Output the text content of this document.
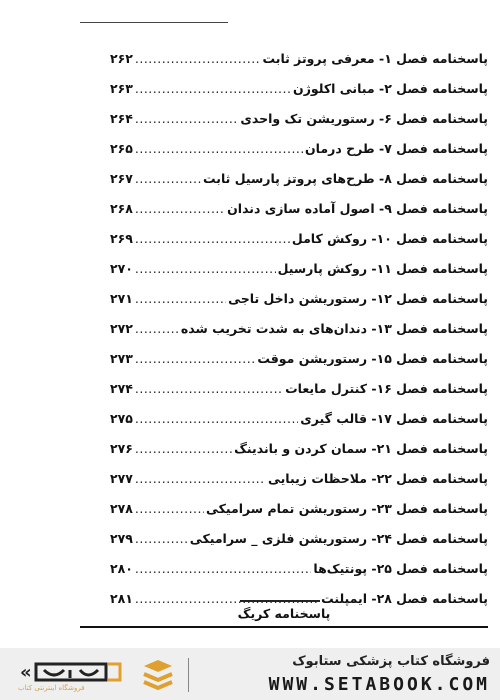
پاسخنامه فصل ۱- معرفی پروتز ثابت
.....
۲۶۲
پاسخنامه فصل ۲- مبانی اکلوژن
.....
۲۶۳
پاسخنامه فصل ۶- رستوریشن تک واحدی
.....
۲۶۴
پاسخنامه فصل ۷- طرح درمان
.....
۲۶۵
پاسخنامه فصل ۸- طرح‌های پروتز پارسیل ثابت
.....
۲۶۷
پاسخنامه فصل ۹- اصول آماده سازی دندان
.....
۲۶۸
پاسخنامه فصل ۱۰- روکش کامل
.....
۲۶۹
پاسخنامه فصل ۱۱- روکش پارسیل
.....
۲۷۰
پاسخنامه فصل ۱۲- رستوریشن داخل تاجی
.....
۲۷۱
پاسخنامه فصل ۱۳- دندان‌های به شدت تخریب شده
.....
۲۷۲
پاسخنامه فصل ۱۵- رستوریشن موقت
.....
۲۷۳
پاسخنامه فصل ۱۶- کنترل مایعات
.....
۲۷۴
پاسخنامه فصل ۱۷- قالب گیری
.....
۲۷۵
پاسخنامه فصل ۲۱- سمان کردن و باندینگ
.....
۲۷۶
پاسخنامه فصل ۲۲- ملاحظات زیبایی
.....
۲۷۷
پاسخنامه فصل ۲۳- رستوریشن تمام سرامیکی
.....
۲۷۸
پاسخنامه فصل ۲۴- رستوریشن فلزی _ سرامیکی
.....
۲۷۹
پاسخنامه فصل ۲۵- پونتیک‌ها
.....
۲۸۰
پاسخنامه فصل ۲۸- ایمپلنت
.....
۲۸۱
پاسخنامه کریگ
«
فروشگاه اینترنتی کتاب
فروشگاه کتاب پزشکی ستابوک
WWW.SETABOOK.COM
